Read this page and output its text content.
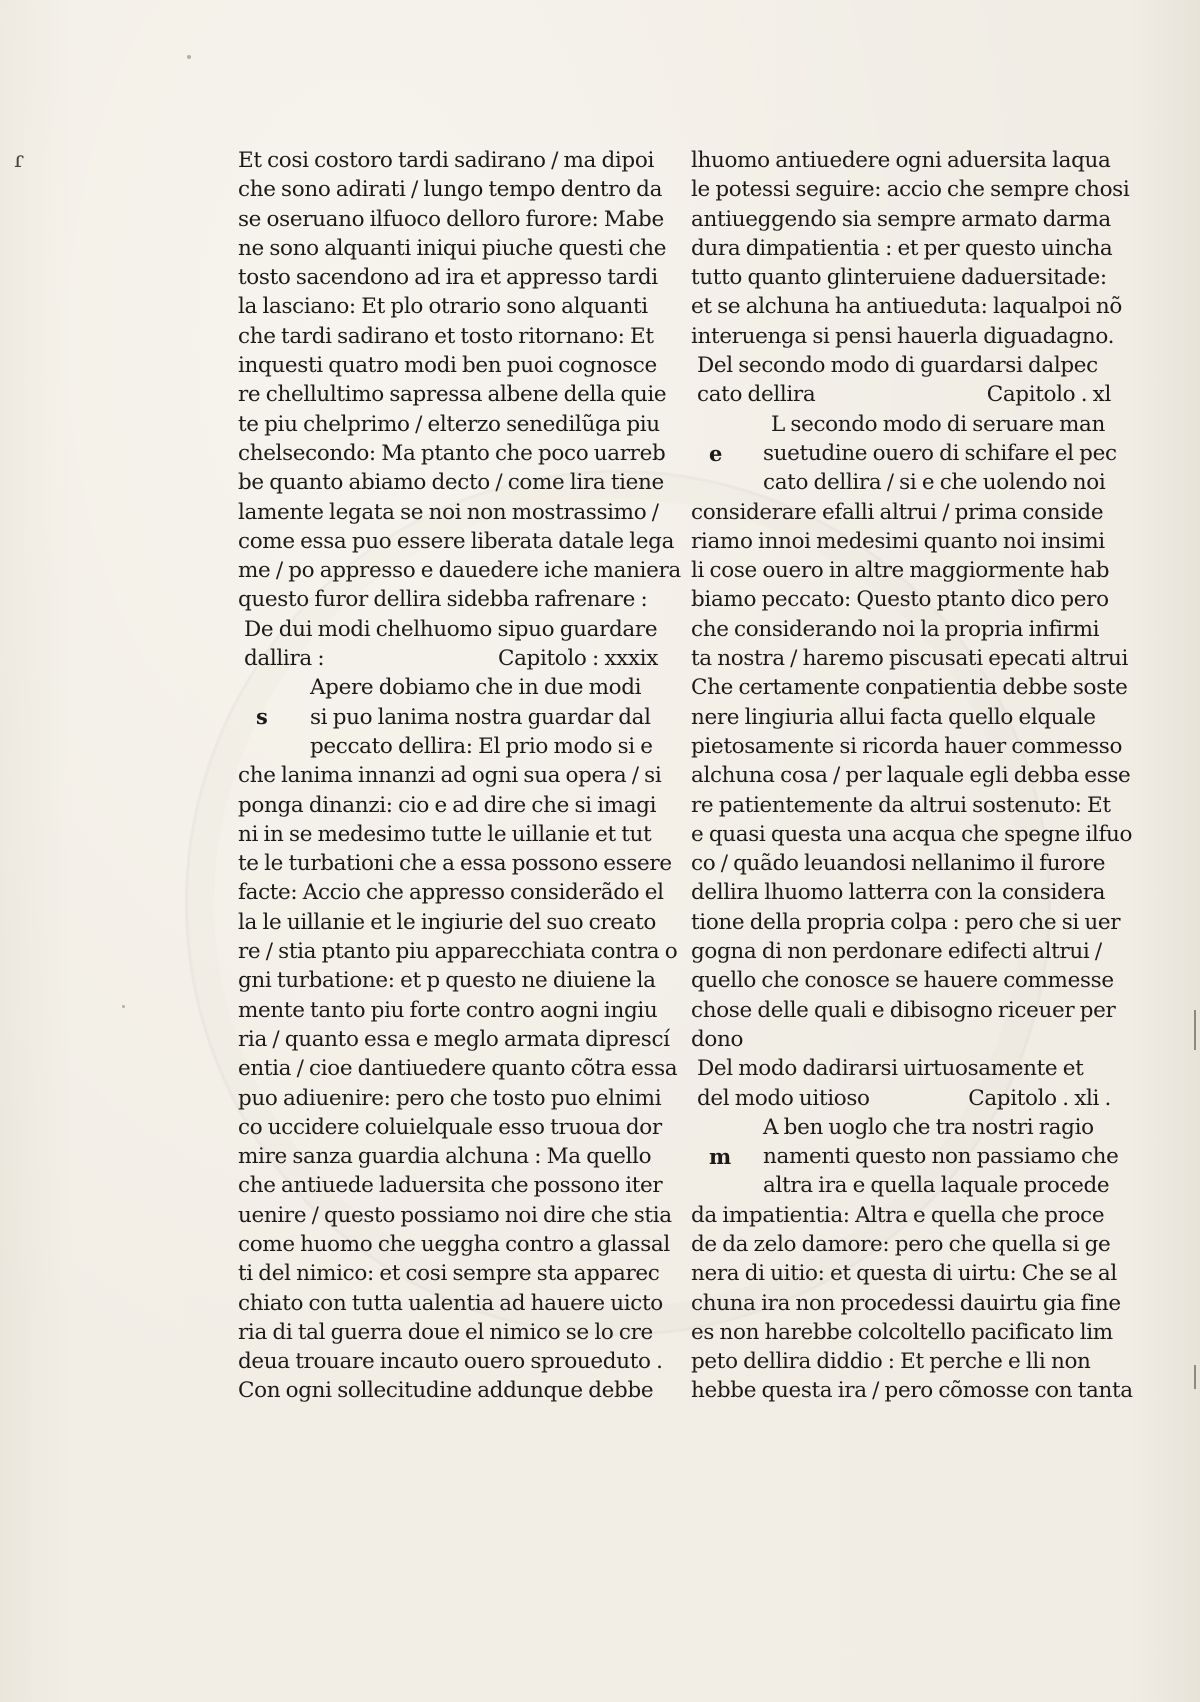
ɾ	Et cosi costoro tardi sadirano / ma dipoi
che sono adirati / lungo tempo dentro da
se oseruano ilfuoco delloro furore: Mabe
ne sono alquanti iniqui piuche questi che
tosto sacendono ad ira et appresso tardi
la lasciano: Et plo otrario sono alquanti
che tardi sadirano et tosto ritornano: Et
inquesti quatro modi ben puoi cognosce
re chellultimo sapressa albene della quie
te piu chelprimo / elterzo senedilũga piu
chelsecondo: Ma ptanto che poco uarreb
be quanto abiamo decto / come lira tiene
lamente legata se noi non mostrassimo /
come essa puo essere liberata datale lega
me / po appresso e dauedere iche maniera
questo furor dellira sidebba rafrenare :
De dui modi chelhuomo sipuo guardare
dallira :	Capitolo : xxxix
s
Apere dobiamo che in due modi
si puo lanima nostra guardar dal
peccato dellira: El prio modo si e
che lanima innanzi ad ogni sua opera / si
ponga dinanzi: cio e ad dire che si imagi
ni in se medesimo tutte le uillanie et tut
te le turbationi che a essa possono essere
facte: Accio che appresso considerãdo el
la le uillanie et le ingiurie del suo creato
re / stia ptanto piu apparecchiata contra o
gni turbatione: et p questo ne diuiene la
mente tanto piu forte contro aogni ingiu
ria / quanto essa e meglo armata diprescí
entia / cioe dantiuedere quanto cõtra essa
puo adiuenire: pero che tosto puo elnimi
co uccidere coluielquale esso truoua dor
mire sanza guardia alchuna : Ma quello
che antiuede laduersita che possono iter
uenire / questo possiamo noi dire che stia
come huomo che ueggha contro a glassal
ti del nimico: et cosi sempre sta apparec
chiato con tutta ualentia ad hauere uicto
ria di tal guerra doue el nimico se lo cre
deua trouare incauto ouero sproueduto .
Con ogni sollecitudine addunque debbe
lhuomo antiuedere ogni aduersita laqua
le potessi seguire: accio che sempre chosi
antiueggendo sia sempre armato darma
dura dimpatientia : et per questo uincha
tutto quanto glinteruiene daduersitade:
et se alchuna ha antiueduta: laqualpoi nõ
interuenga si pensi hauerla diguadagno.
Del secondo modo di guardarsi dalpec
cato dellira	Capitolo . xl
e
L secondo modo di seruare man
suetudine ouero di schifare el pec
cato dellira / si e che uolendo noi
considerare efalli altrui / prima conside
riamo innoi medesimi quanto noi insimi
li cose ouero in altre maggiormente hab
biamo peccato: Questo ptanto dico pero
che considerando noi la propria infirmi
ta nostra / haremo piscusati epecati altrui
Che certamente conpatientia debbe soste
nere lingiuria allui facta quello elquale
pietosamente si ricorda hauer commesso
alchuna cosa / per laquale egli debba esse
re patientemente da altrui sostenuto: Et
e quasi questa una acqua che spegne ilfuo
co / quãdo leuandosi nellanimo il furore
dellira lhuomo latterra con la considera
tione della propria colpa : pero che si uer
gogna di non perdonare edifecti altrui /
quello che conosce se hauere commesse
chose delle quali e dibisogno riceuer per
dono
Del modo dadirarsi uirtuosamente et
del modo uitioso	Capitolo . xli .
m
A ben uoglo che tra nostri ragio
namenti questo non passiamo che
altra ira e quella laquale procede
da impatientia: Altra e quella che proce
de da zelo damore: pero che quella si ge
nera di uitio: et questa di uirtu: Che se al
chuna ira non procedessi dauirtu gia fine
es non harebbe colcoltello pacificato lim
peto dellira diddio : Et perche e lli non
hebbe questa ira / pero cõmosse con tanta
